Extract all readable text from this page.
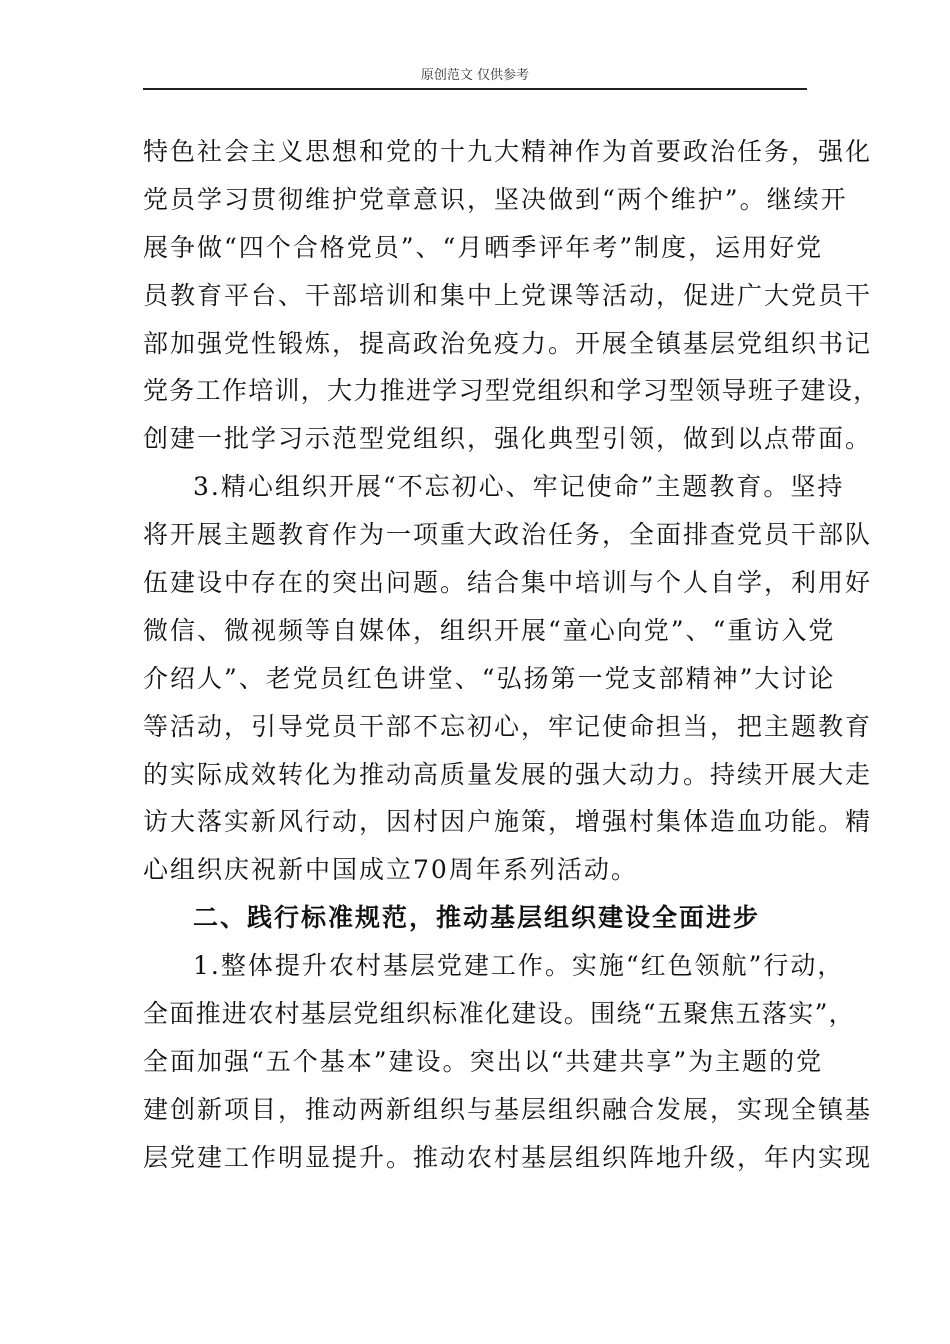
原创范文 仅供参考
特色社会主义思想和党的十九大精神作为首要政治任务，强化
党员学习贯彻维护党章意识，坚决做到“两个维护”。继续开
展争做“四个合格党员”、“月晒季评年考”制度，运用好党
员教育平台、干部培训和集中上党课等活动，促进广大党员干
部加强党性锻炼，提高政治免疫力。开展全镇基层党组织书记
党务工作培训，大力推进学习型党组织和学习型领导班子建设，
创建一批学习示范型党组织，强化典型引领，做到以点带面。
3.精心组织开展“不忘初心、牢记使命”主题教育。坚持
将开展主题教育作为一项重大政治任务，全面排查党员干部队
伍建设中存在的突出问题。结合集中培训与个人自学，利用好
微信、微视频等自媒体，组织开展“童心向党”、“重访入党
介绍人”、老党员红色讲堂、“弘扬第一党支部精神”大讨论
等活动，引导党员干部不忘初心，牢记使命担当，把主题教育
的实际成效转化为推动高质量发展的强大动力。持续开展大走
访大落实新风行动，因村因户施策，增强村集体造血功能。精
心组织庆祝新中国成立70周年系列活动。
二、践行标准规范，推动基层组织建设全面进步
1.整体提升农村基层党建工作。实施“红色领航”行动，
全面推进农村基层党组织标准化建设。围绕“五聚焦五落实”，
全面加强“五个基本”建设。突出以“共建共享”为主题的党
建创新项目，推动两新组织与基层组织融合发展，实现全镇基
层党建工作明显提升。推动农村基层组织阵地升级，年内实现
